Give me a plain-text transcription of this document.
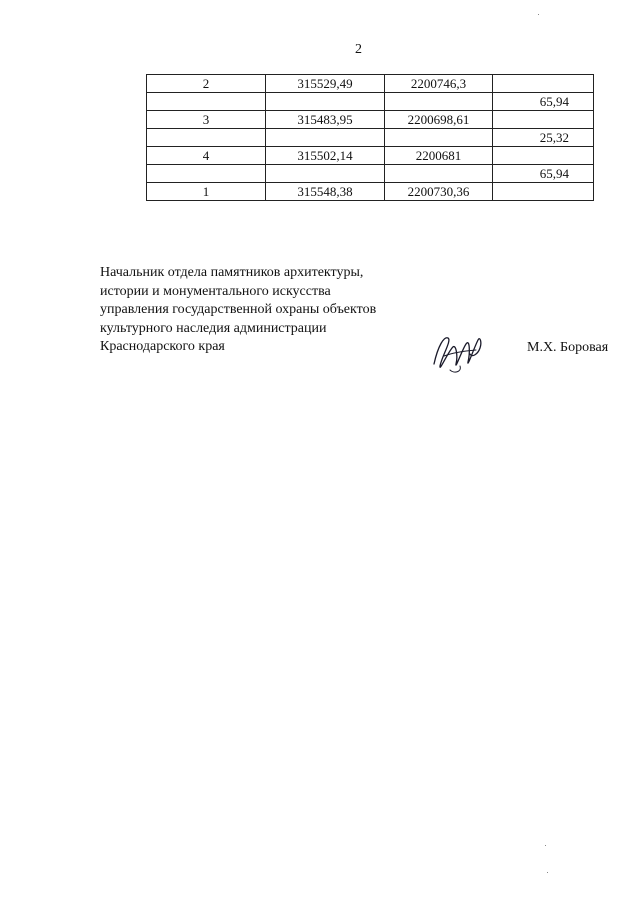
2
2	315529,49	2200746,3	
			65,94
3	315483,95	2200698,61	
			25,32
4	315502,14	2200681	
			65,94
1	315548,38	2200730,36	
Начальник отдела памятников архитектуры,
истории и монументального искусства
управления государственной охраны объектов
культурного наследия администрации
Краснодарского края	М.Х. Боровая
